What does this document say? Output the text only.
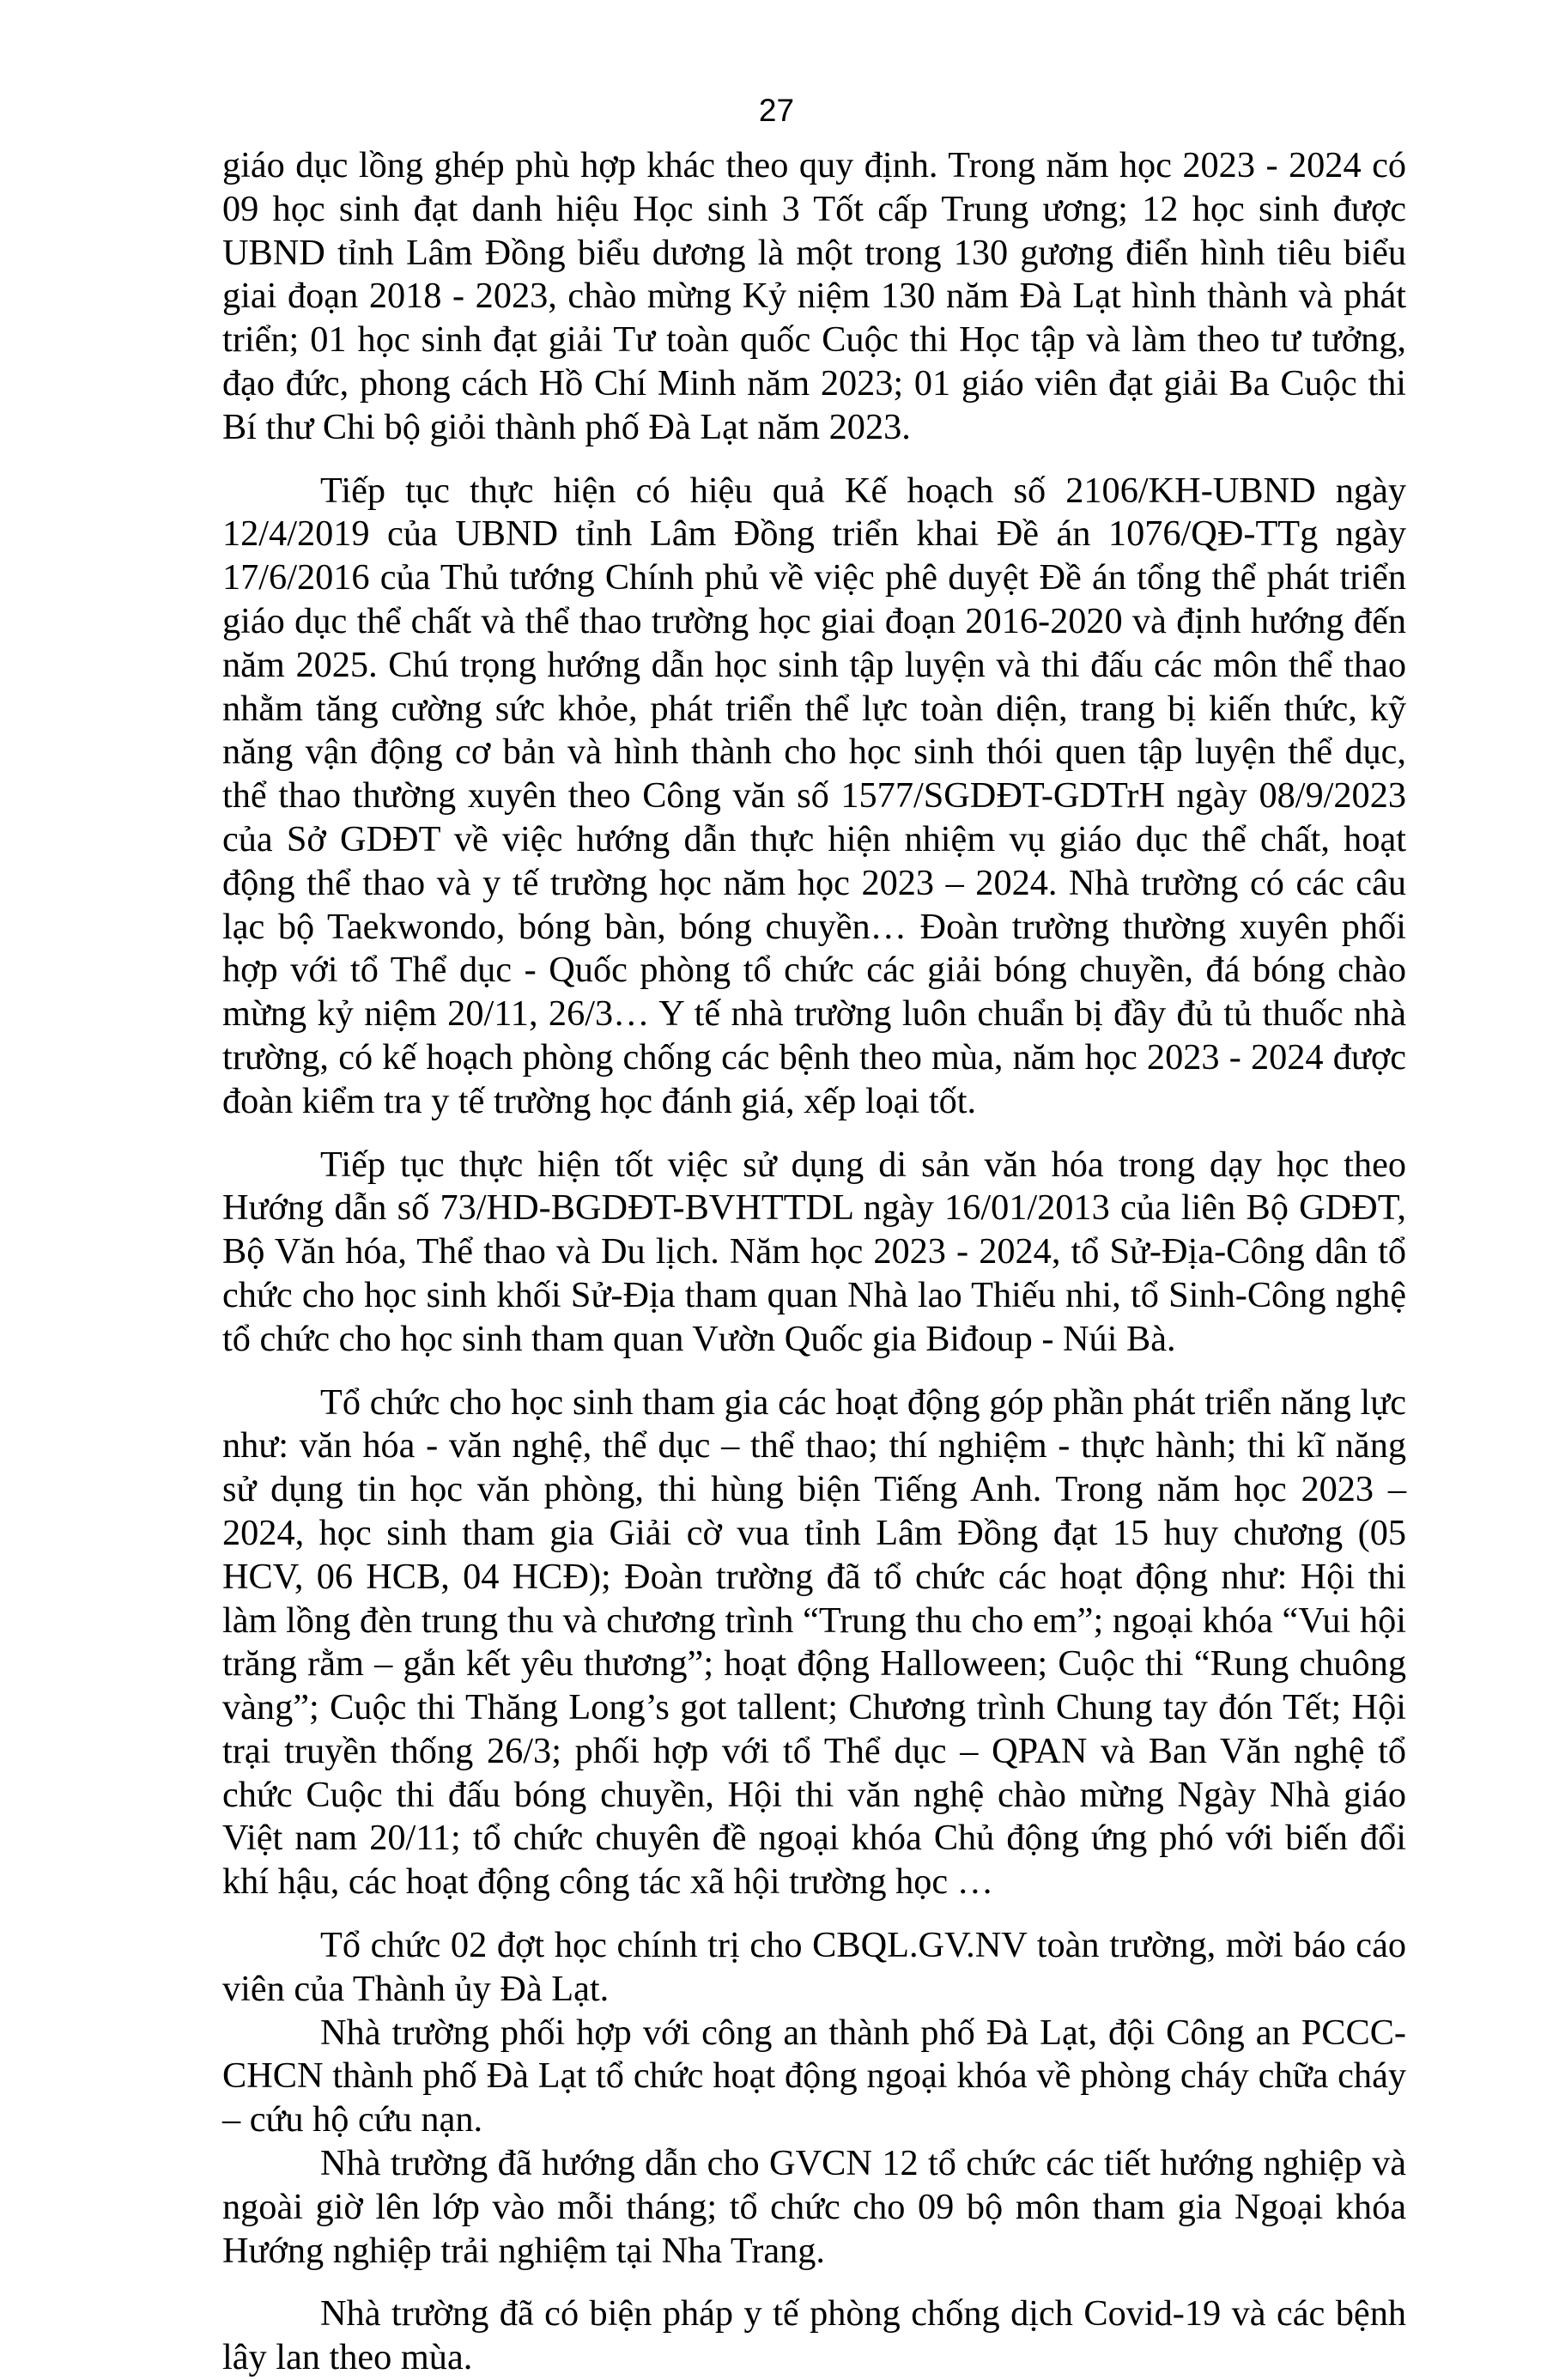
27

giáo dục lồng ghép phù hợp khác theo quy định. Trong năm học 2023 - 2024 có 09 học sinh đạt danh hiệu Học sinh 3 Tốt cấp Trung ương; 12 học sinh được UBND tỉnh Lâm Đồng biểu dương là một trong 130 gương điển hình tiêu biểu giai đoạn 2018 - 2023, chào mừng Kỷ niệm 130 năm Đà Lạt hình thành và phát triển; 01 học sinh đạt giải Tư toàn quốc Cuộc thi Học tập và làm theo tư tưởng, đạo đức, phong cách Hồ Chí Minh năm 2023; 01 giáo viên đạt giải Ba Cuộc thi Bí thư Chi bộ giỏi thành phố Đà Lạt năm 2023.

Tiếp tục thực hiện có hiệu quả Kế hoạch số 2106/KH-UBND ngày 12/4/2019 của UBND tỉnh Lâm Đồng triển khai Đề án 1076/QĐ-TTg ngày 17/6/2016 của Thủ tướng Chính phủ về việc phê duyệt Đề án tổng thể phát triển giáo dục thể chất và thể thao trường học giai đoạn 2016-2020 và định hướng đến năm 2025. Chú trọng hướng dẫn học sinh tập luyện và thi đấu các môn thể thao nhằm tăng cường sức khỏe, phát triển thể lực toàn diện, trang bị kiến thức, kỹ năng vận động cơ bản và hình thành cho học sinh thói quen tập luyện thể dục, thể thao thường xuyên theo Công văn số 1577/SGDĐT-GDTrH ngày 08/9/2023 của Sở GDĐT về việc hướng dẫn thực hiện nhiệm vụ giáo dục thể chất, hoạt động thể thao và y tế trường học năm học 2023 – 2024. Nhà trường có các câu lạc bộ Taekwondo, bóng bàn, bóng chuyền… Đoàn trường thường xuyên phối hợp với tổ Thể dục - Quốc phòng tổ chức các giải bóng chuyền, đá bóng chào mừng kỷ niệm 20/11, 26/3… Y tế nhà trường luôn chuẩn bị đầy đủ tủ thuốc nhà trường, có kế hoạch phòng chống các bệnh theo mùa, năm học 2023 - 2024 được đoàn kiểm tra y tế trường học đánh giá, xếp loại tốt.

Tiếp tục thực hiện tốt việc sử dụng di sản văn hóa trong dạy học theo Hướng dẫn số 73/HD-BGDĐT-BVHTTDL ngày 16/01/2013 của liên Bộ GDĐT, Bộ Văn hóa, Thể thao và Du lịch. Năm học 2023 - 2024, tổ Sử-Địa-Công dân tổ chức cho học sinh khối Sử-Địa tham quan Nhà lao Thiếu nhi, tổ Sinh-Công nghệ tổ chức cho học sinh tham quan Vườn Quốc gia Biđoup - Núi Bà.

Tổ chức cho học sinh tham gia các hoạt động góp phần phát triển năng lực như: văn hóa - văn nghệ, thể dục – thể thao; thí nghiệm - thực hành; thi kĩ năng sử dụng tin học văn phòng, thi hùng biện Tiếng Anh. Trong năm học 2023 – 2024, học sinh tham gia Giải cờ vua tỉnh Lâm Đồng đạt 15 huy chương (05 HCV, 06 HCB, 04 HCĐ); Đoàn trường đã tổ chức các hoạt động như: Hội thi làm lồng đèn trung thu và chương trình “Trung thu cho em”; ngoại khóa “Vui hội trăng rằm – gắn kết yêu thương”; hoạt động Halloween; Cuộc thi “Rung chuông vàng”; Cuộc thi Thăng Long’s got tallent; Chương trình Chung tay đón Tết; Hội trại truyền thống 26/3; phối hợp với tổ Thể dục – QPAN và Ban Văn nghệ tổ chức Cuộc thi đấu bóng chuyền, Hội thi văn nghệ chào mừng Ngày Nhà giáo Việt nam 20/11; tổ chức chuyên đề ngoại khóa Chủ động ứng phó với biến đổi khí hậu, các hoạt động công tác xã hội trường học …

Tổ chức 02 đợt học chính trị cho CBQL.GV.NV toàn trường, mời báo cáo viên của Thành ủy Đà Lạt.

Nhà trường phối hợp với công an thành phố Đà Lạt, đội Công an PCCC-CHCN thành phố Đà Lạt tổ chức hoạt động ngoại khóa về phòng cháy chữa cháy – cứu hộ cứu nạn.

Nhà trường đã hướng dẫn cho GVCN 12 tổ chức các tiết hướng nghiệp và ngoài giờ lên lớp vào mỗi tháng; tổ chức cho 09 bộ môn tham gia Ngoại khóa Hướng nghiệp trải nghiệm tại Nha Trang.

Nhà trường đã có biện pháp y tế phòng chống dịch Covid-19 và các bệnh lây lan theo mùa.
